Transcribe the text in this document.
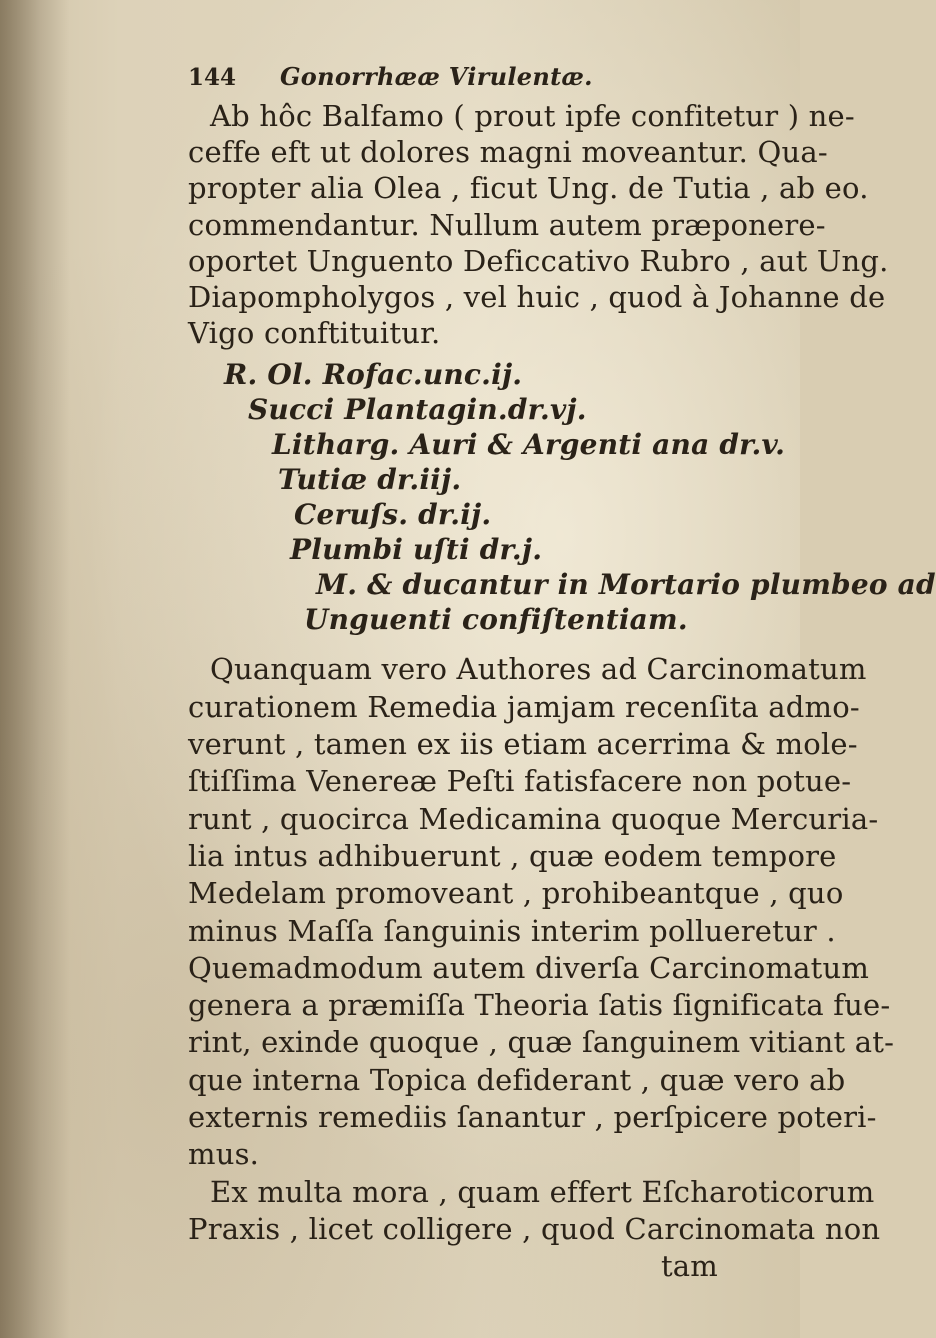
144	Gonorrhææ Virulentæ.
Ab hôc Balfamo ( prout ipfe confitetur ) ne-
ceffe eft ut dolores magni moveantur. Qua-
propter alia Olea , ficut Ung. de Tutia , ab eo.
commendantur. Nullum autem præponere-
oportet Unguento Deficcativo Rubro , aut Ung.
Diapompholygos , vel huic , quod à Johanne de
Vigo conftituitur.
R. Ol. Rofac.unc.ij.
Succi Plantagin.dr.vj.
Litharg. Auri & Argenti ana dr.v.
Tutiæ dr.iij.
Ceruſs. dr.ij.
Plumbi uſti dr.j.
M. & ducantur in Mortario plumbeo ad
Unguenti confiſtentiam.
Quanquam vero Authores ad Carcinomatum
curationem Remedia jamjam recenſita admo-
verunt , tamen ex iis etiam acerrima & mole-
ſtiſſima Venereæ Peſti fatisfacere non potue-
runt , quocirca Medicamina quoque Mercuria-
lia intus adhibuerunt , quæ eodem tempore
Medelam promoveant , prohibeantque , quo
minus Maſſa ſanguinis interim pollueretur .
Quemadmodum autem diverſa Carcinomatum
genera a præmiſſa Theoria ſatis ſignificata fue-
rint, exinde quoque , quæ ſanguinem vitiant at-
que interna Topica defiderant , quæ vero ab
externis remediis ſanantur , perſpicere poteri-
mus.
Ex multa mora , quam effert Eſcharoticorum
Praxis , licet colligere , quod Carcinomata non
tam
